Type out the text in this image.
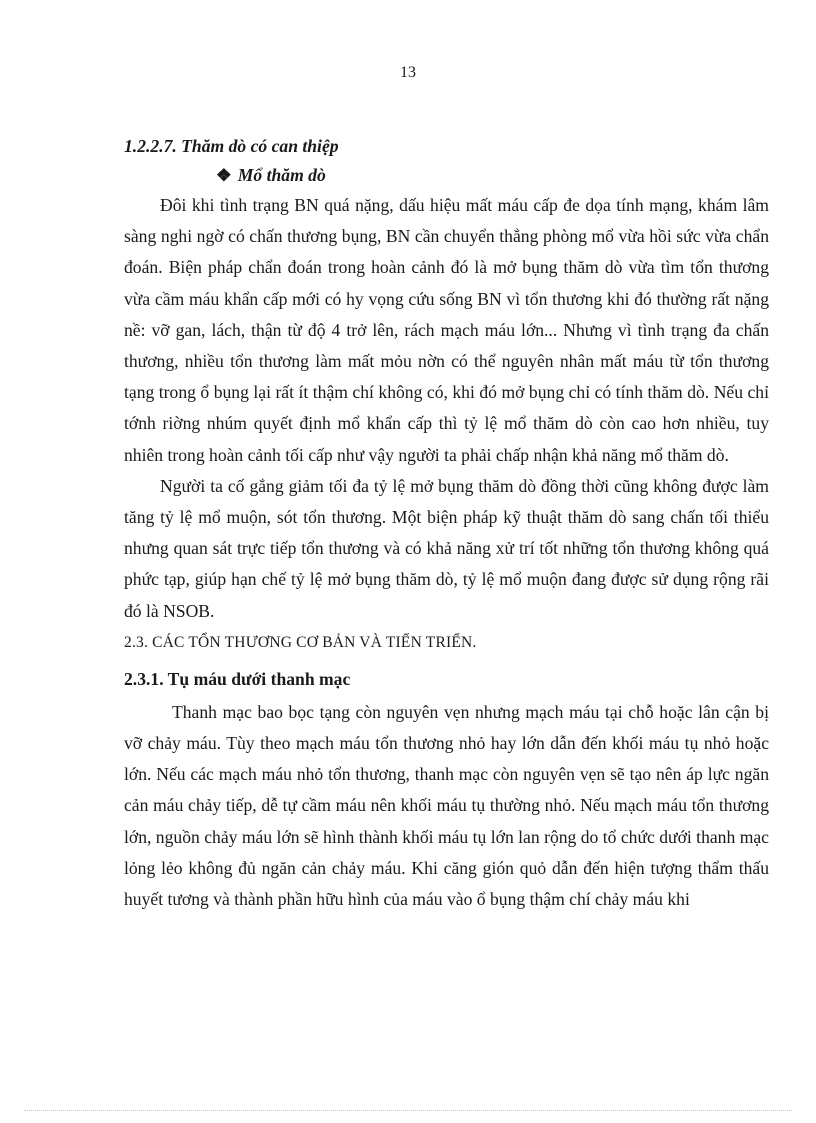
13

1.2.2.7. Thăm dò có can thiệp

❖ Mổ thăm dò

Đôi khi tình trạng BN quá nặng, dấu hiệu mất máu cấp đe dọa tính mạng, khám lâm sàng nghi ngờ có chấn thương bụng, BN cần chuyển thẳng phòng mổ vừa hồi sức vừa chẩn đoán. Biện pháp chẩn đoán trong hoàn cảnh đó là mở bụng thăm dò vừa tìm tổn thương vừa cầm máu khẩn cấp mới có hy vọng cứu sống BN vì tổn thương khi đó thường rất nặng nề: vỡ gan, lách, thận từ độ 4 trở lên, rách mạch máu lớn... Nhưng vì tình trạng đa chấn thương, nhiều tổn thương làm mất mỏu nờn có thể nguyên nhân mất máu từ tổn thương tạng trong ổ bụng lại rất ít thậm chí không có, khi đó mở bụng chỉ có tính thăm dò. Nếu chỉ tớnh riờng nhúm quyết định mổ khẩn cấp thì tỷ lệ mổ thăm dò còn cao hơn nhiều, tuy nhiên trong hoàn cảnh tối cấp như vậy người ta phải chấp nhận khả năng mổ thăm dò.

Người ta cố gắng giảm tối đa tỷ lệ mở bụng thăm dò đồng thời cũng không được làm tăng tỷ lệ mổ muộn, sót tổn thương. Một biện pháp kỹ thuật thăm dò sang chấn tối thiểu nhưng quan sát trực tiếp tổn thương và có khả năng xử trí tốt những tổn thương không quá phức tạp, giúp hạn chế tỷ lệ mở bụng thăm dò, tỷ lệ mổ muộn đang được sử dụng rộng rãi đó là NSOB.

2.3. CÁC TỔN THƯƠNG CƠ BẢN VÀ TIẾN TRIỂN.

2.3.1. Tụ máu dưới thanh mạc

Thanh mạc bao bọc tạng còn nguyên vẹn nhưng mạch máu tại chỗ hoặc lân cận bị vỡ chảy máu. Tùy theo mạch máu tổn thương nhỏ hay lớn dẫn đến khối máu tụ nhỏ hoặc lớn. Nếu các mạch máu nhỏ tổn thương, thanh mạc còn nguyên vẹn sẽ tạo nên áp lực ngăn cản máu chảy tiếp, dễ tự cầm máu nên khối máu tụ thường nhỏ. Nếu mạch máu tổn thương lớn, nguồn chảy máu lớn sẽ hình thành khối máu tụ lớn lan rộng do tổ chức dưới thanh mạc lỏng lẻo không đủ ngăn cản chảy máu. Khi căng gión quỏ dẫn đến hiện tượng thẩm thấu huyết tương và thành phần hữu hình của máu vào ổ bụng thậm chí chảy máu khi
